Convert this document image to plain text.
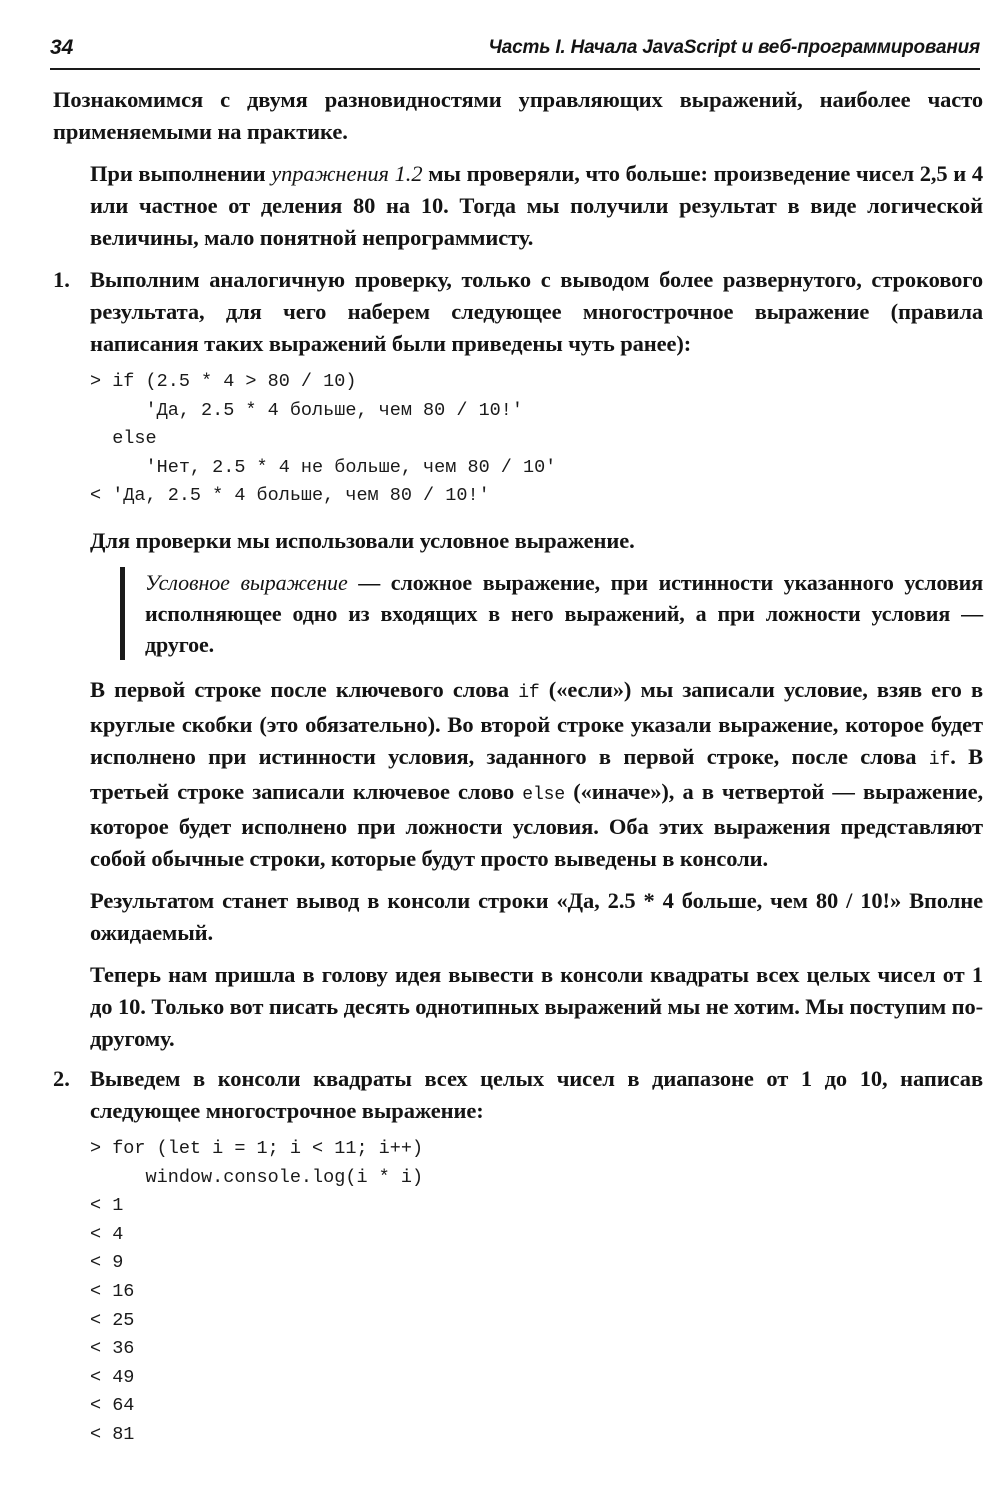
34	Часть I. Начала JavaScript и веб-программирования

Познакомимся с двумя разновидностями управляющих выражений, наиболее часто применяемыми на практике.

При выполнении упражнения 1.2 мы проверяли, что больше: произведение чисел 2,5 и 4 или частное от деления 80 на 10. Тогда мы получили результат в виде логической величины, мало понятной непрограммисту.

1. Выполним аналогичную проверку, только с выводом более развернутого, строкового результата, для чего наберем следующее многострочное выражение (правила написания таких выражений были приведены чуть ранее):

> if (2.5 * 4 > 80 / 10)
'Да, 2.5 * 4 больше, чем 80 / 10!'
else
'Нет, 2.5 * 4 не больше, чем 80 / 10'
< 'Да, 2.5 * 4 больше, чем 80 / 10!'

Для проверки мы использовали условное выражение.

Условное выражение — сложное выражение, при истинности указанного условия исполняющее одно из входящих в него выражений, а при ложности условия — другое.

В первой строке после ключевого слова if («если») мы записали условие, взяв его в круглые скобки (это обязательно). Во второй строке указали выражение, которое будет исполнено при истинности условия, заданного в первой строке, после слова if. В третьей строке записали ключевое слово else («иначе»), а в четвертой — выражение, которое будет исполнено при ложности условия. Оба этих выражения представляют собой обычные строки, которые будут просто выведены в консоли.

Результатом станет вывод в консоли строки «Да, 2.5 * 4 больше, чем 80 / 10!» Вполне ожидаемый.

Теперь нам пришла в голову идея вывести в консоли квадраты всех целых чисел от 1 до 10. Только вот писать десять однотипных выражений мы не хотим. Мы поступим по-другому.

2. Выведем в консоли квадраты всех целых чисел в диапазоне от 1 до 10, написав следующее многострочное выражение:

> for (let i = 1; i < 11; i++)
window.console.log(i * i)
< 1
< 4
< 9
< 16
< 25
< 36
< 49
< 64
< 81
